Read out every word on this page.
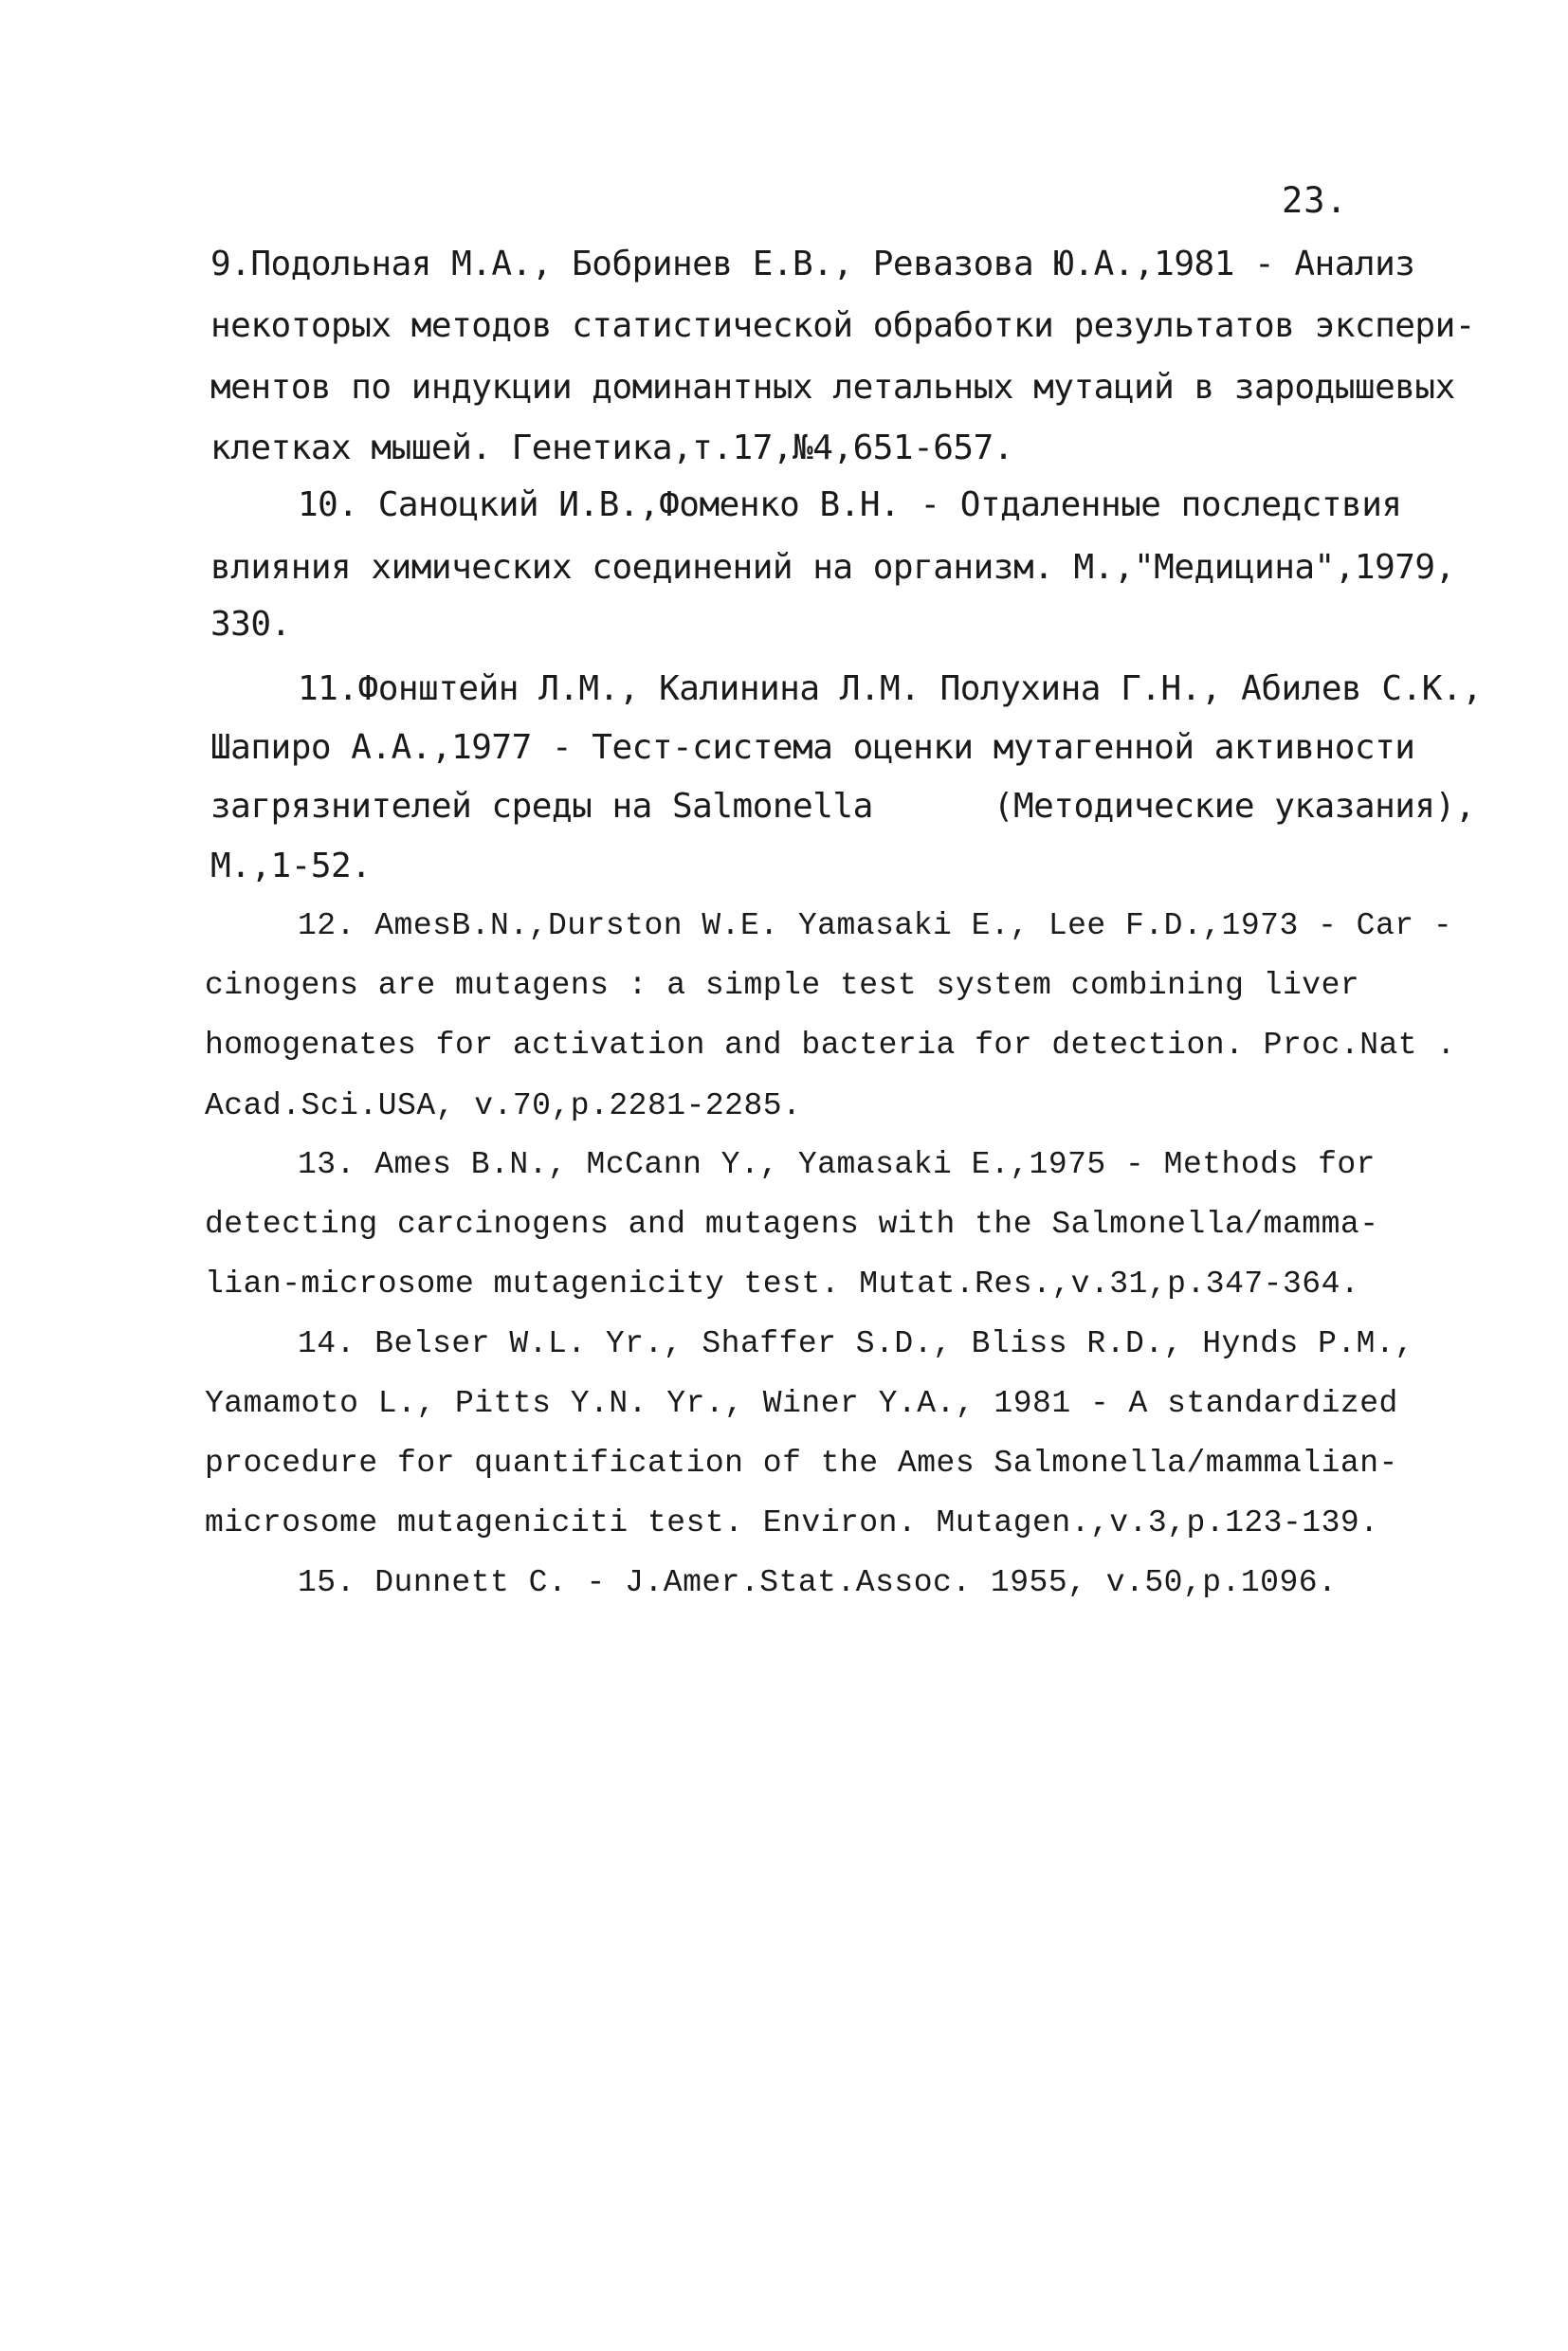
23.
9.Подольная М.А., Бобринев Е.В., Ревазова Ю.А.,1981 - Анализ
некоторых методов статистической обработки результатов экспери-
ментов по индукции доминантных летальных мутаций в зародышевых
клетках мышей. Генетика,т.17,№4,651-657.
10. Саноцкий И.В.,Фоменко В.Н. - Отдаленные последствия
влияния химических соединений на организм. М.,"Медицина",1979,
330.
11.Фонштейн Л.М., Калинина Л.М. Полухина Г.Н., Абилев С.К.,
Шапиро А.А.,1977 - Тест-система оценки мутагенной активности
загрязнителей среды на Salmonella      (Методические указания),
М.,1-52.
12. AmesB.N.,Durston W.E. Yamasaki E., Lee F.D.,1973 - Car -
cinogens are mutagens : a simple test system combining liver
homogenates for activation and bacteria for detection. Proc.Nat .
Acad.Sci.USA, v.70,p.2281-2285.
13. Ames B.N., McCann Y., Yamasaki E.,1975 - Methods for
detecting carcinogens and mutagens with the Salmonella/mamma-
lian-microsome mutagenicity test. Mutat.Res.,v.31,p.347-364.
14. Belser W.L. Yr., Shaffer S.D., Bliss R.D., Hynds P.M.,
Yamamoto L., Pitts Y.N. Yr., Winer Y.A., 1981 - A standardized
procedure for quantification of the Ames Salmonella/mammalian-
microsome mutageniciti test. Environ. Mutagen.,v.3,p.123-139.
15. Dunnett C. - J.Amer.Stat.Assoc. 1955, v.50,p.1096.
